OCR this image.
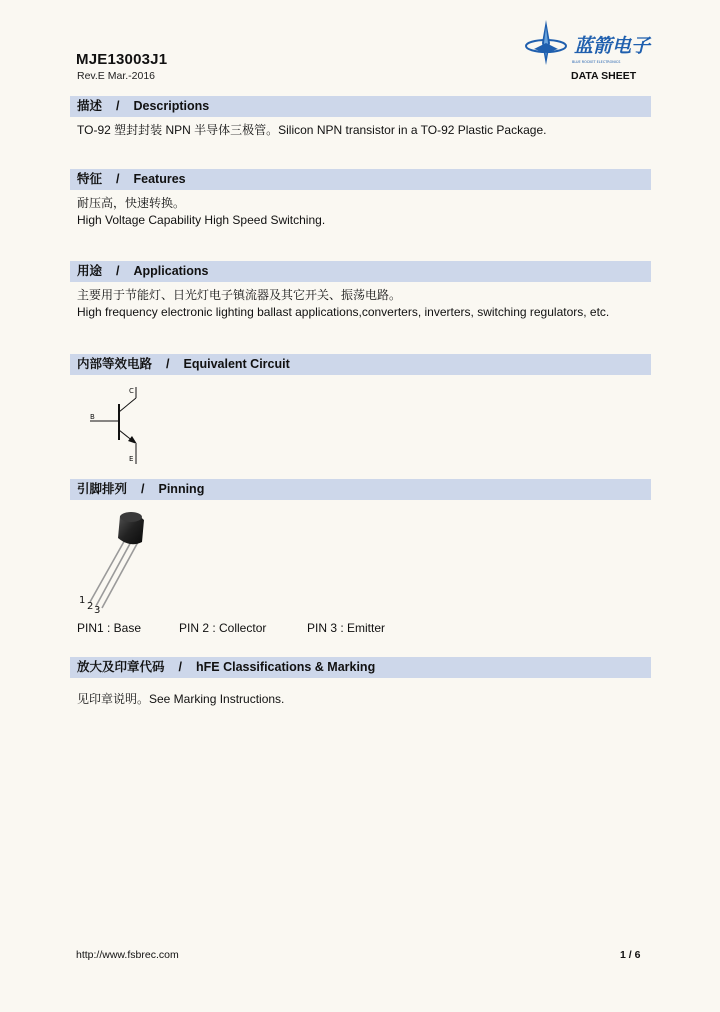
MJE13003J1
Rev.E Mar.-2016
蓝箭电子
BLUE ROCKET ELECTRONICS
DATA SHEET
描述 / Descriptions
TO-92 塑封封装 NPN 半导体三极管。Silicon NPN transistor in a TO-92 Plastic Package.
特征 / Features
耐压高，快速转换。
High Voltage Capability High Speed Switching.
用途 / Applications
主要用于节能灯、日光灯电子镇流器及其它开关、振荡电路。
High frequency electronic lighting ballast applications,converters, inverters, switching regulators, etc.
内部等效电路 / Equivalent Circuit
B
C
E
引脚排列 / Pinning
1
2 3
PIN1 : Base	PIN 2 : Collector	PIN 3 : Emitter
放大及印章代码 / hFE Classifications & Marking
见印章说明。See Marking Instructions.
http://www.fsbrec.com	1 / 6
